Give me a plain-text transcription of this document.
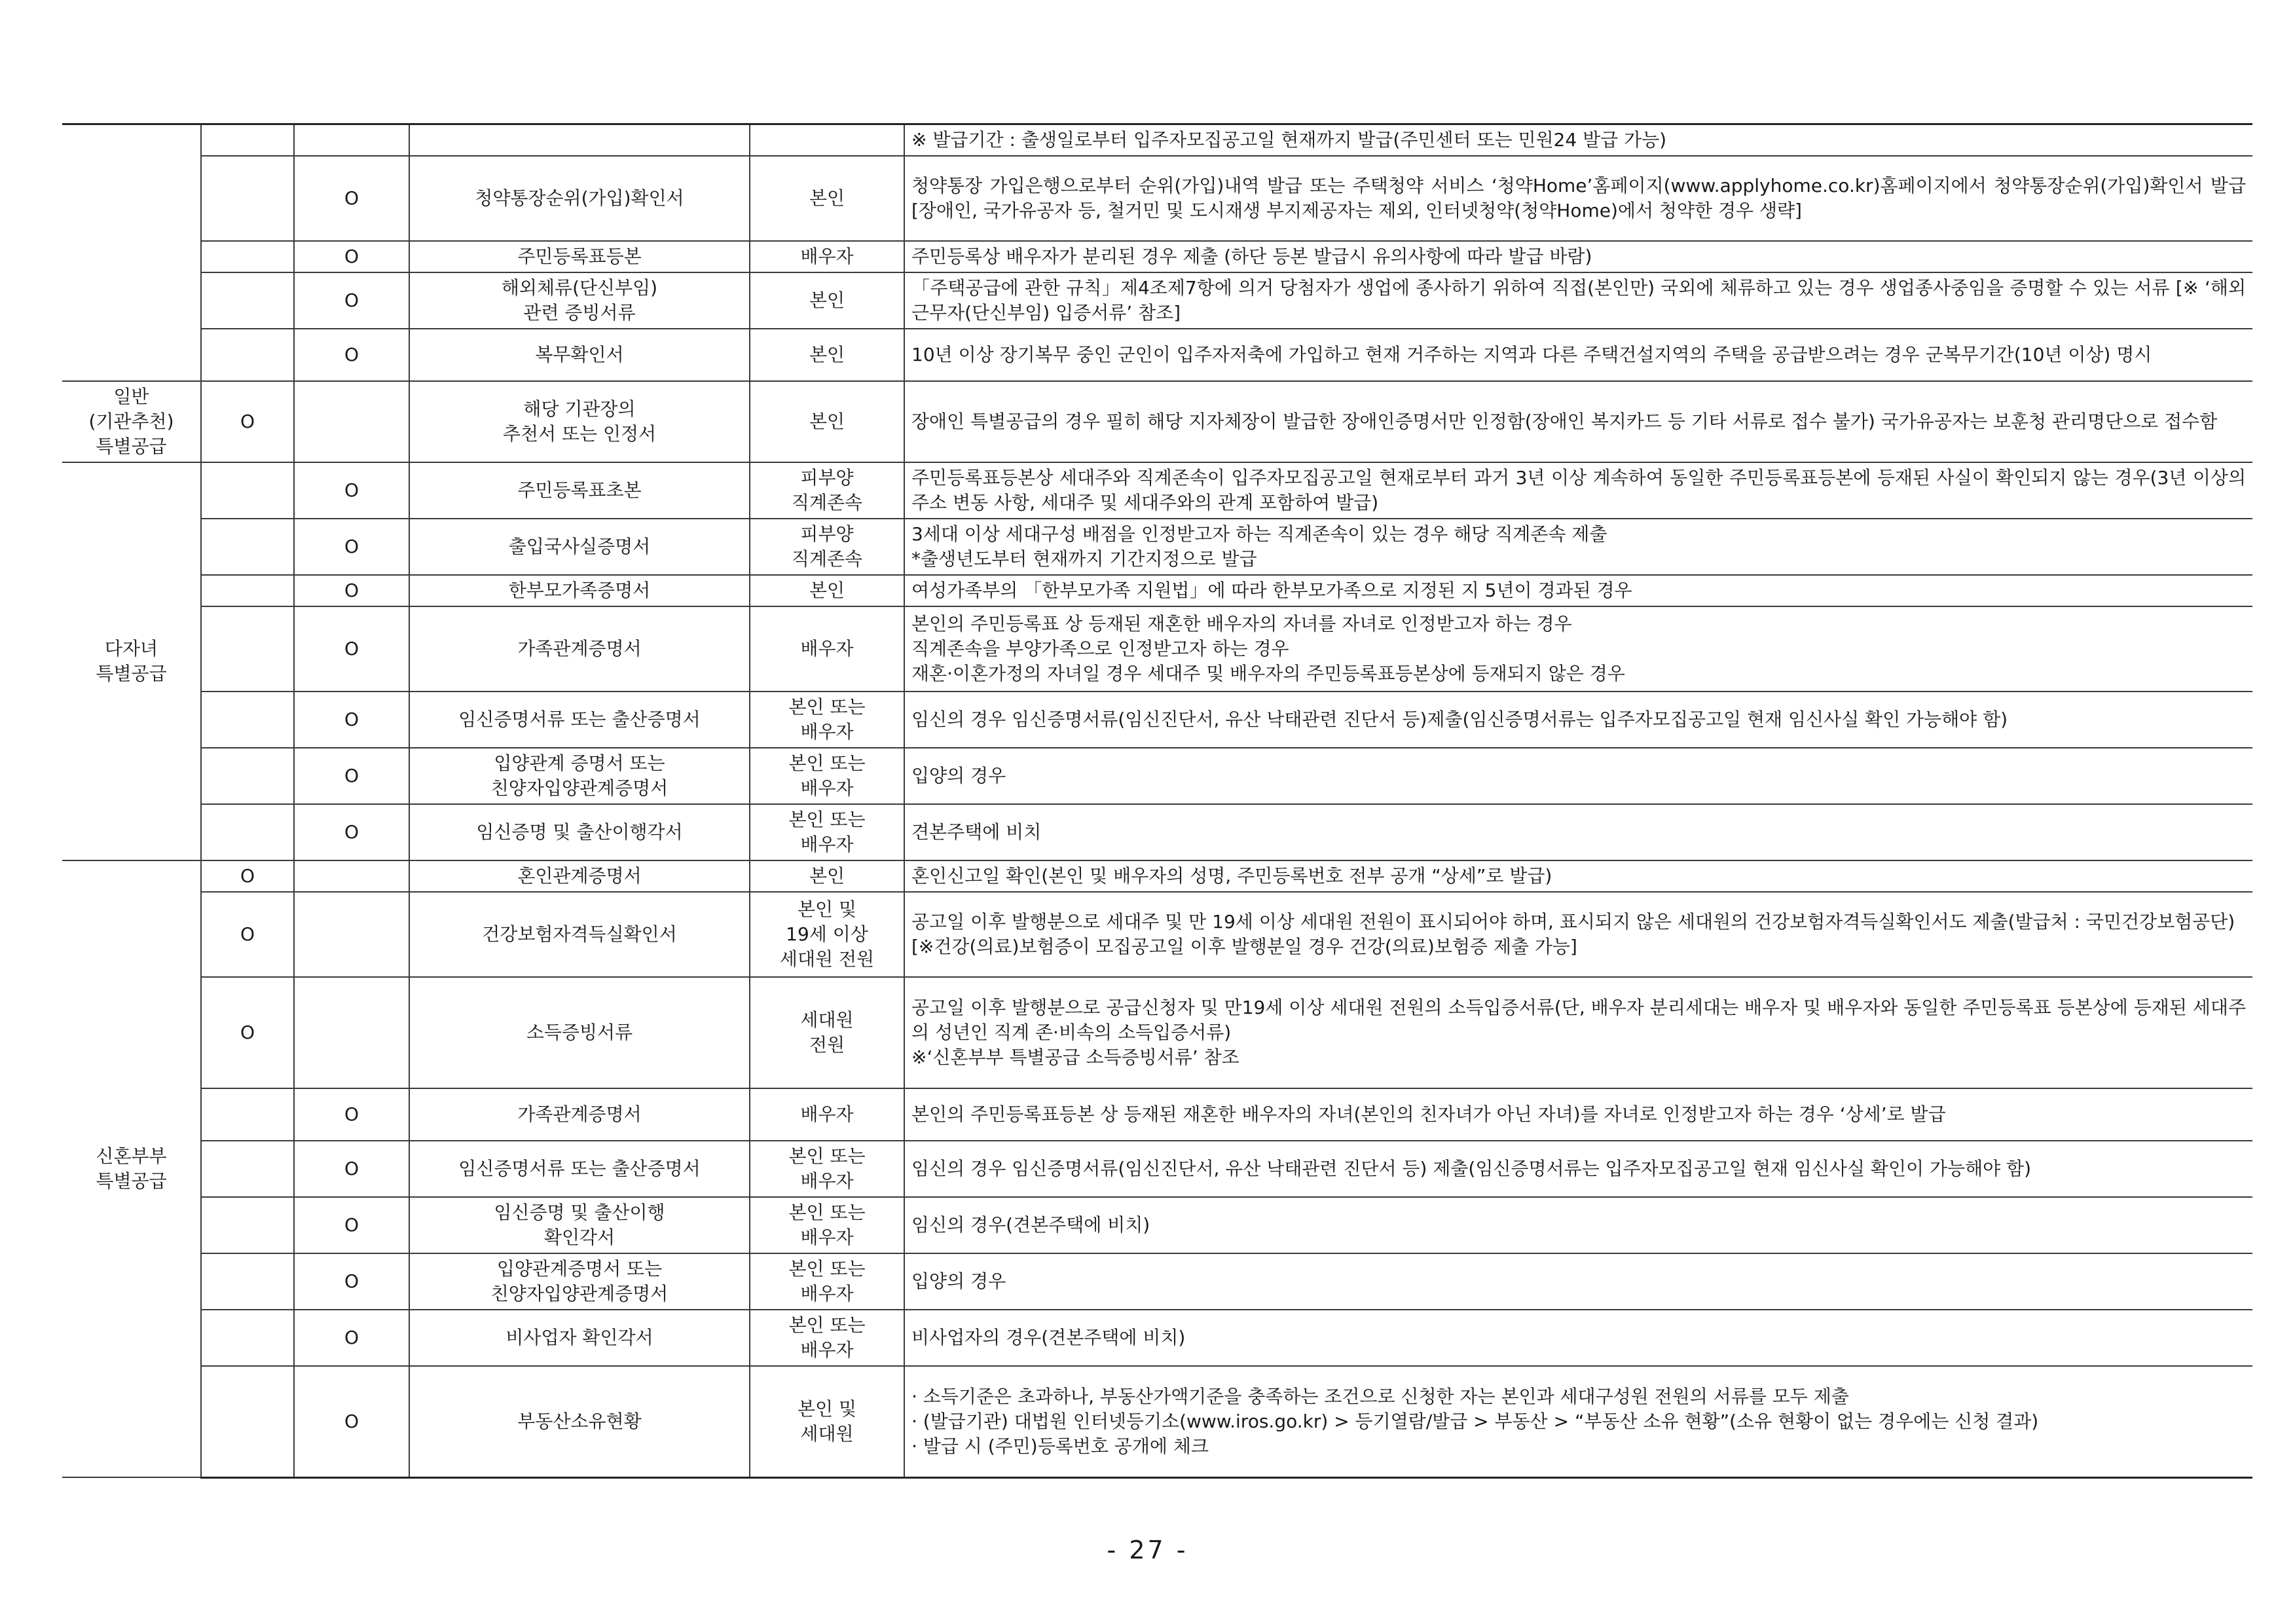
					※ 발급기간 : 출생일로부터 입주자모집공고일 현재까지 발급(주민센터 또는 민원24 발급 가능)
		O	청약통장순위(가입)확인서	본인	청약통장 가입은행으로부터 순위(가입)내역 발급 또는 주택청약 서비스 ‘청약Home’홈페이지(www.applyhome.co.kr)홈페이지에서 청약통장순위(가입)확인서 발급[장애인, 국가유공자 등, 철거민 및 도시재생 부지제공자는 제외, 인터넷청약(청약Home)에서 청약한 경우 생략]
		O	주민등록표등본	배우자	주민등록상 배우자가 분리된 경우 제출 (하단 등본 발급시 유의사항에 따라 발급 바람)
		O	해외체류(단신부임)
관련 증빙서류	본인	「주택공급에 관한 규칙」제4조제7항에 의거 당첨자가 생업에 종사하기 위하여 직접(본인만) 국외에 체류하고 있는 경우 생업종사중임을 증명할 수 있는 서류 [※ ‘해외근무자(단신부임) 입증서류’ 참조]
		O	복무확인서	본인	10년 이상 장기복무 중인 군인이 입주자저축에 가입하고 현재 거주하는 지역과 다른 주택건설지역의 주택을 공급받으려는 경우 군복무기간(10년 이상) 명시
일반
(기관추천)
특별공급	O		해당 기관장의
추천서 또는 인정서	본인	장애인 특별공급의 경우 필히 해당 지자체장이 발급한 장애인증명서만 인정함(장애인 복지카드 등 기타 서류로 접수 불가) 국가유공자는 보훈청 관리명단으로 접수함
다자녀
특별공급		O	주민등록표초본	피부양
직계존속	주민등록표등본상 세대주와 직계존속이 입주자모집공고일 현재로부터 과거 3년 이상 계속하여 동일한 주민등록표등본에 등재된 사실이 확인되지 않는 경우(3년 이상의 주소 변동 사항, 세대주 및 세대주와의 관계 포함하여 발급)
		O	출입국사실증명서	피부양
직계존속	3세대 이상 세대구성 배점을 인정받고자 하는 직계존속이 있는 경우 해당 직계존속 제출
*출생년도부터 현재까지 기간지정으로 발급
		O	한부모가족증명서	본인	여성가족부의 「한부모가족 지원법」에 따라 한부모가족으로 지정된 지 5년이 경과된 경우
		O	가족관계증명서	배우자	본인의 주민등록표 상 등재된 재혼한 배우자의 자녀를 자녀로 인정받고자 하는 경우
직계존속을 부양가족으로 인정받고자 하는 경우
재혼·이혼가정의 자녀일 경우 세대주 및 배우자의 주민등록표등본상에 등재되지 않은 경우
		O	임신증명서류 또는 출산증명서	본인 또는
배우자	임신의 경우 임신증명서류(임신진단서, 유산 낙태관련 진단서 등)제출(임신증명서류는 입주자모집공고일 현재 임신사실 확인 가능해야 함)
		O	입양관계 증명서 또는
친양자입양관계증명서	본인 또는
배우자	입양의 경우
		O	임신증명 및 출산이행각서	본인 또는
배우자	견본주택에 비치
신혼부부
특별공급	O		혼인관계증명서	본인	혼인신고일 확인(본인 및 배우자의 성명, 주민등록번호 전부 공개 “상세”로 발급)
	O		건강보험자격득실확인서	본인 및
19세 이상
세대원 전원	공고일 이후 발행분으로 세대주 및 만 19세 이상 세대원 전원이 표시되어야 하며, 표시되지 않은 세대원의 건강보험자격득실확인서도 제출(발급처 : 국민건강보험공단)
[※건강(의료)보험증이 모집공고일 이후 발행분일 경우 건강(의료)보험증 제출 가능]
	O		소득증빙서류	세대원
전원	공고일 이후 발행분으로 공급신청자 및 만19세 이상 세대원 전원의 소득입증서류(단, 배우자 분리세대는 배우자 및 배우자와 동일한 주민등록표 등본상에 등재된 세대주의 성년인 직계 존·비속의 소득입증서류)
※‘신혼부부 특별공급 소득증빙서류’ 참조
		O	가족관계증명서	배우자	본인의 주민등록표등본 상 등재된 재혼한 배우자의 자녀(본인의 친자녀가 아닌 자녀)를 자녀로 인정받고자 하는 경우 ‘상세’로 발급
		O	임신증명서류 또는 출산증명서	본인 또는
배우자	임신의 경우 임신증명서류(임신진단서, 유산 낙태관련 진단서 등) 제출(임신증명서류는 입주자모집공고일 현재 임신사실 확인이 가능해야 함)
		O	임신증명 및 출산이행
확인각서	본인 또는
배우자	임신의 경우(견본주택에 비치)
		O	입양관계증명서 또는
친양자입양관계증명서	본인 또는
배우자	입양의 경우
		O	비사업자 확인각서	본인 또는
배우자	비사업자의 경우(견본주택에 비치)
		O	부동산소유현황	본인 및
세대원	· 소득기준은 초과하나, 부동산가액기준을 충족하는 조건으로 신청한 자는 본인과 세대구성원 전원의 서류를 모두 제출
· (발급기관) 대법원 인터넷등기소(www.iros.go.kr) > 등기열람/발급 > 부동산 > “부동산 소유 현황”(소유 현황이 없는 경우에는 신청 결과)
· 발급 시 (주민)등록번호 공개에 체크
- 27 -
